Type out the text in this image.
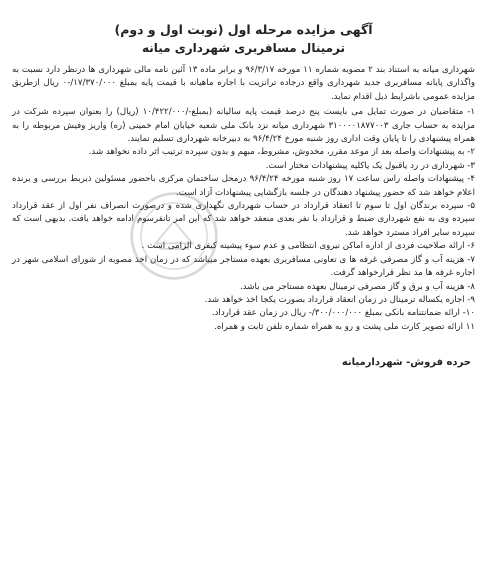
آگهی مزایده مرحله اول (نوبت اول و دوم)
ترمینال مسافربری شهرداری میانه

شهرداری میانه به استناد بند ۲ مصوبه شماره ۱۱ مورخه ۹۶/۳/۱۷ و برابر ماده ۱۳ آئین نامه مالی شهرداری ها درنظر دارد نسبت به واگذاری پایانه مسافربری جدید شهرداری واقع درجاده ترانزیت با اجاره ماهیانه با قیمت پایه بمبلغ ۱۷/۳۷۰/۰۰۰/-۰ ریال ازطریق مزایده عمومی باشرایط ذیل اقدام نماید.

۱- متقاضیان در صورت تمایل می بایست پنج درصد قیمت پایه سالیانه (بمبلغ-/۱۰/۴۲۲/۰۰۰ (ریال) را بعنوان سپرده شرکت در مزایده به حساب جاری ۳۱۰۰۰۰۱۸۷۷۰۰۳ شهرداری میانه نزد بانک ملی شعبه خیابان امام خمینی (ره) واریز وفیش مربوطه را به همراه پیشنهادی را تا پایان وقت اداری روز شنبه مورخ ۹۶/۴/۲۴ به دبیرخانه شهرداری تسلیم نمایند.
۲- به پیشنهادات واصله بعد از موعد مقرر، مخدوش، مشروط، مبهم و بدون سپرده ترتیب اثر داده نخواهد شد.
۳- شهرداری در رد یاقبول یک یاکلیه پیشنهادات مختار است.
۴- پیشنهادات واصله راس ساعت ۱۷ روز شنبه مورخه ۹۶/۴/۲۴ درمحل ساختمان مرکزی باحضور مسئولین ذیربط بررسی و برنده اعلام خواهد شد که حضور پیشنهاد دهندگان در جلسه بازگشایی پیشنهادات آزاد است.
۵- سپرده برندگان اول تا سوم تا انعقاد قرارداد در حساب شهرداری نگهداری شده و درصورت انصراف نفر اول از عقد قرارداد سپرده وی به نفع شهرداری ضبط و قرارداد با نفر بعدی منعقد خواهد شد که این امر تانفرسوم ادامه خواهد یافت. بدیهی است که سپرده سایر افراد مسترد خواهد شد.
۶- ارائه صلاحیت فردی از اداره اماکن نیروی انتظامی و عدم سوء پیشینه کیفری الزامی است .
۷- هزینه آب و گاز مصرفی غرفه ها ی تعاونی مسافربری بعهده مستاجر میباشد که در زمان اخذ مصوبه از شورای اسلامی شهر در اجاره غرفه ها مد نظر قرارخواهد گرفت.
۸- هزینه آب و برق و گاز مصرفی ترمینال بعهده مستاجر می باشد.
۹- اجاره یکساله ترمینال در زمان انعقاد قرارداد بصورت یکجا اخذ خواهد شد.
۱۰- ارائه ضمانتنامه بانکی بمبلغ ۳۰۰/۰۰۰/۰۰۰/- ریال در زمان عقد قرارداد.
۱۱ ارائه تصویر کارت ملی پشت و رو به همراه شماره تلفن ثابت و همراه.
حرده فروش- شهردارمیانه
